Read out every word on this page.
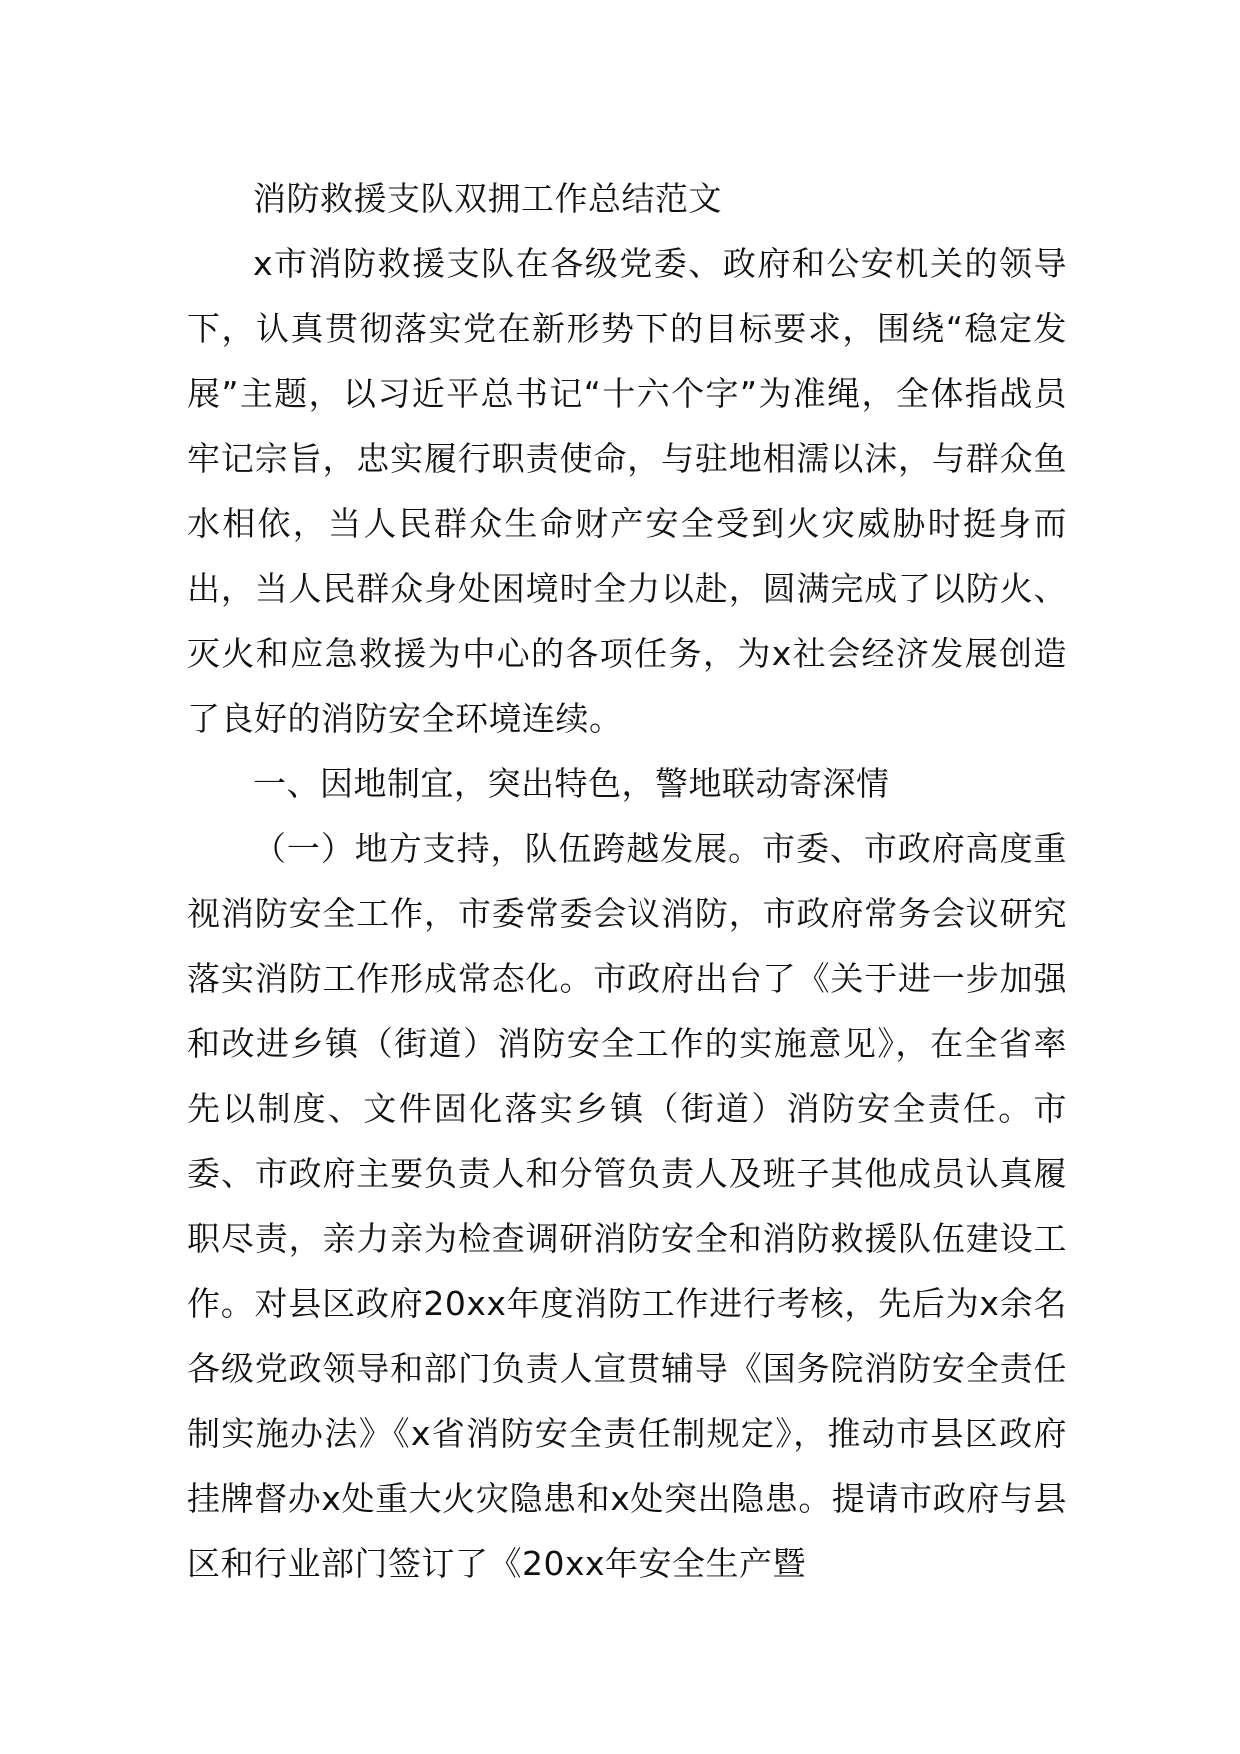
消防救援支队双拥工作总结范文

x市消防救援支队在各级党委、政府和公安机关的领导下，认真贯彻落实党在新形势下的目标要求，围绕“稳定发展”主题，以习近平总书记“十六个字”为准绳，全体指战员牢记宗旨，忠实履行职责使命，与驻地相濡以沫，与群众鱼水相依，当人民群众生命财产安全受到火灾威胁时挺身而出，当人民群众身处困境时全力以赴，圆满完成了以防火、灭火和应急救援为中心的各项任务，为x社会经济发展创造了良好的消防安全环境连续。

一、因地制宜，突出特色，警地联动寄深情

（一）地方支持，队伍跨越发展。市委、市政府高度重视消防安全工作，市委常委会议消防，市政府常务会议研究落实消防工作形成常态化。市政府出台了《关于进一步加强和改进乡镇（街道）消防安全工作的实施意见》，在全省率先以制度、文件固化落实乡镇（街道）消防安全责任。市委、市政府主要负责人和分管负责人及班子其他成员认真履职尽责，亲力亲为检查调研消防安全和消防救援队伍建设工作。对县区政府20xx年度消防工作进行考核，先后为x余名各级党政领导和部门负责人宣贯辅导《国务院消防安全责任制实施办法》《x省消防安全责任制规定》，推动市县区政府挂牌督办x处重大火灾隐患和x处突出隐患。提请市政府与县区和行业部门签订了《20xx年安全生产暨
